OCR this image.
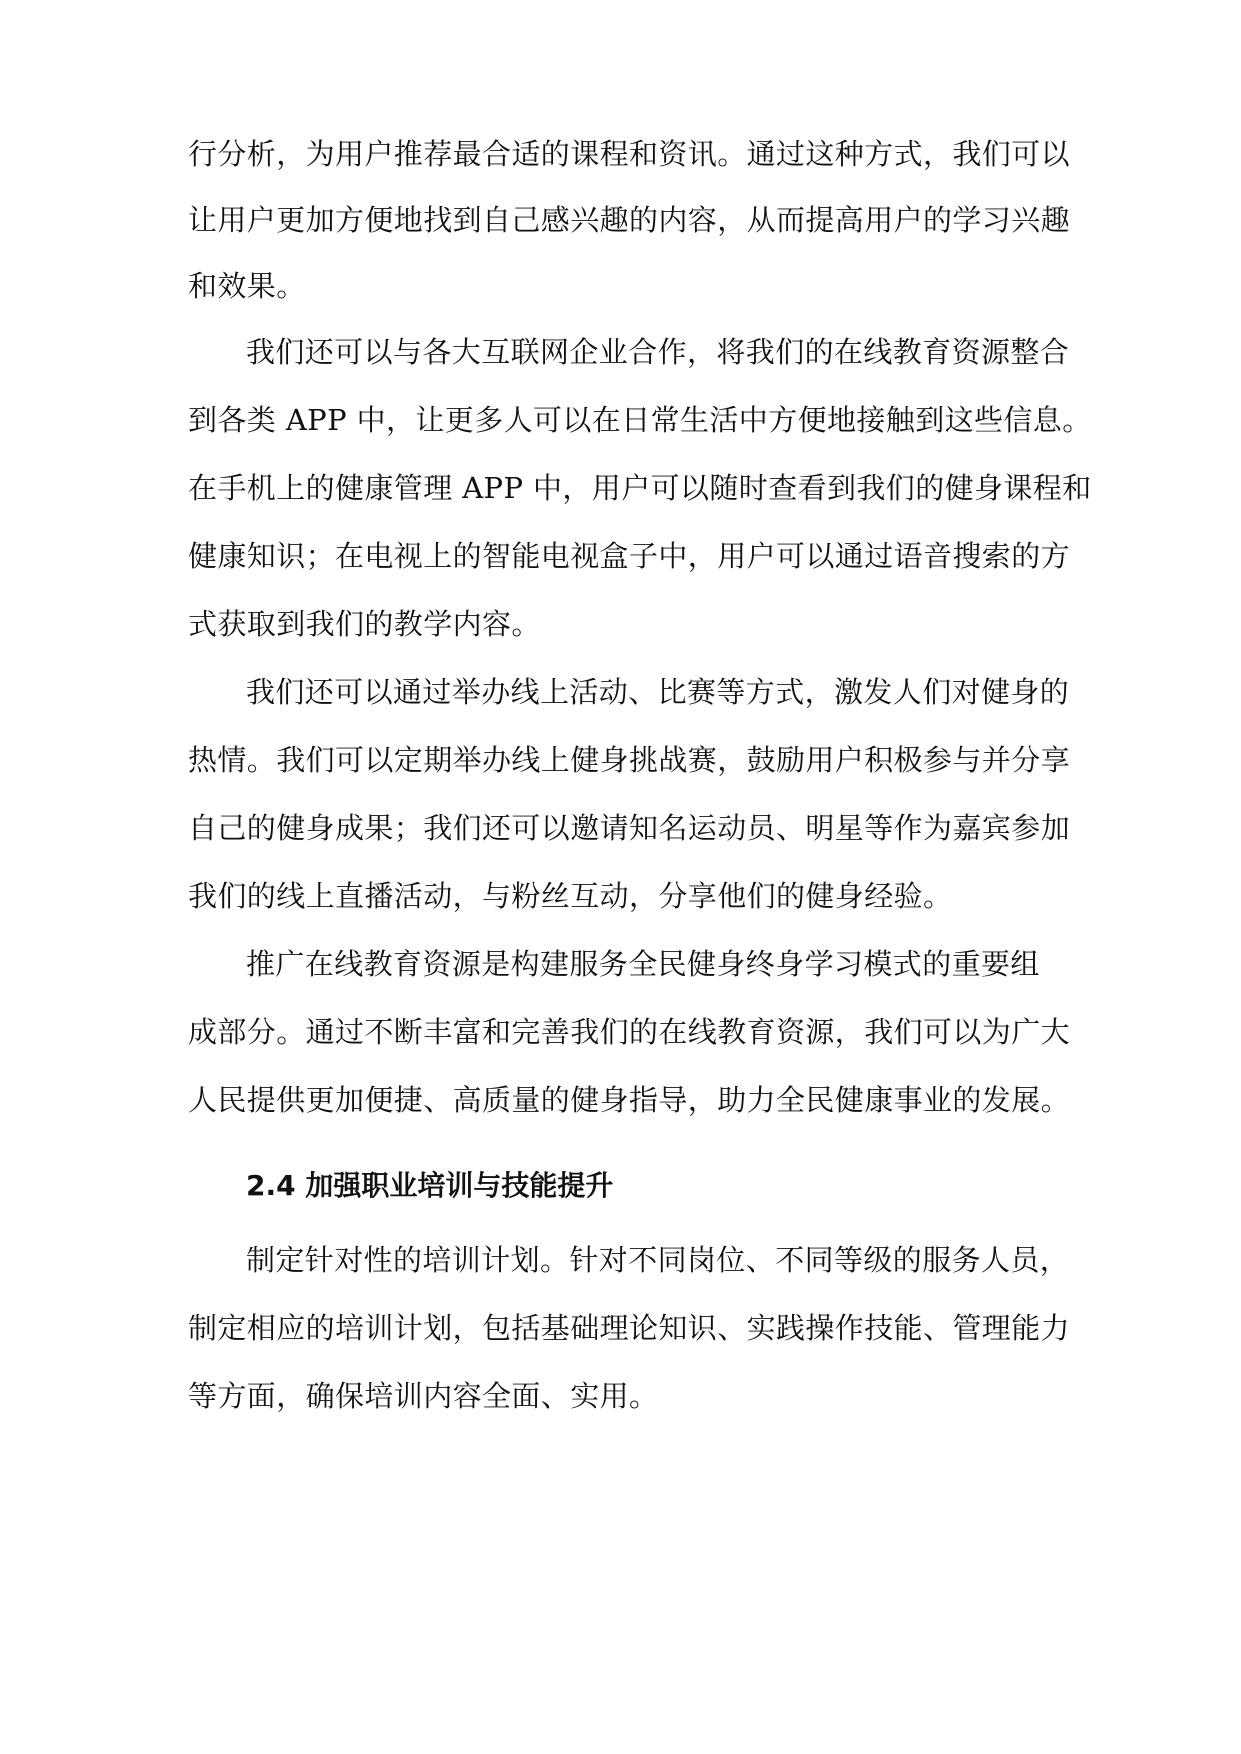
行分析，为用户推荐最合适的课程和资讯。通过这种方式，我们可以
让用户更加方便地找到自己感兴趣的内容，从而提高用户的学习兴趣
和效果。
我们还可以与各大互联网企业合作，将我们的在线教育资源整合
到各类 APP 中，让更多人可以在日常生活中方便地接触到这些信息。
在手机上的健康管理 APP 中，用户可以随时查看到我们的健身课程和
健康知识；在电视上的智能电视盒子中，用户可以通过语音搜索的方
式获取到我们的教学内容。
我们还可以通过举办线上活动、比赛等方式，激发人们对健身的
热情。我们可以定期举办线上健身挑战赛，鼓励用户积极参与并分享
自己的健身成果；我们还可以邀请知名运动员、明星等作为嘉宾参加
我们的线上直播活动，与粉丝互动，分享他们的健身经验。
推广在线教育资源是构建服务全民健身终身学习模式的重要组
成部分。通过不断丰富和完善我们的在线教育资源，我们可以为广大
人民提供更加便捷、高质量的健身指导，助力全民健康事业的发展。
2.4 加强职业培训与技能提升
制定针对性的培训计划。针对不同岗位、不同等级的服务人员，
制定相应的培训计划，包括基础理论知识、实践操作技能、管理能力
等方面，确保培训内容全面、实用。
